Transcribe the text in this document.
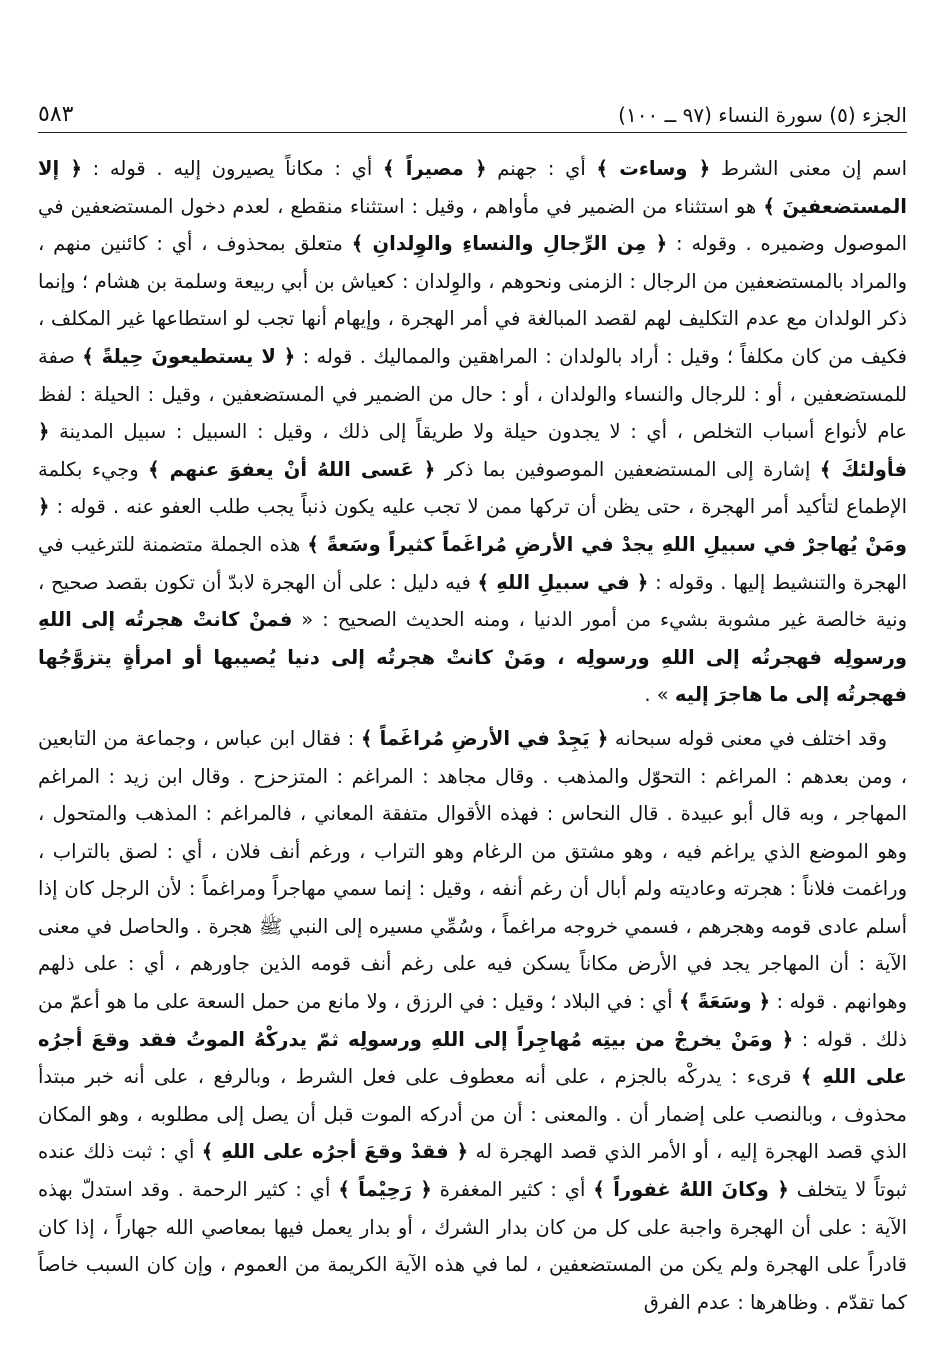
الجزء (٥) سورة النساء (٩٧ ــ ١٠٠)
٥٨٣

اسم إن معنى الشرط ﴿ وساءت ﴾ أي : جهنم ﴿ مصيراً ﴾ أي : مكاناً يصيرون إليه . قوله : ﴿ إلا المستضعفينَ ﴾ هو استثناء من الضمير في مأواهم ، وقيل : استثناء منقطع ، لعدم دخول المستضعفين في الموصول وضميره . وقوله : ﴿ مِن الرِّجالِ والنساءِ والوِلدانِ ﴾ متعلق بمحذوف ، أي : كائنين منهم ، والمراد بالمستضعفين من الرجال : الزمنى ونحوهم ، والوِلدان : كعياش بن أبي ربيعة وسلمة بن هشام ؛ وإنما ذكر الولدان مع عدم التكليف لهم لقصد المبالغة في أمر الهجرة ، وإيهام أنها تجب لو استطاعها غير المكلف ، فكيف من كان مكلفاً ؛ وقيل : أراد بالولدان : المراهقين والمماليك . قوله : ﴿ لا يستطيعونَ حِيلةً ﴾ صفة للمستضعفين ، أو : للرجال والنساء والولدان ، أو : حال من الضمير في المستضعفين ، وقيل : الحيلة : لفظ عام لأنواع أسباب التخلص ، أي : لا يجدون حيلة ولا طريقاً إلى ذلك ، وقيل : السبيل : سبيل المدينة ﴿ فأولئكَ ﴾ إشارة إلى المستضعفين الموصوفين بما ذكر ﴿ عَسى اللهُ أنْ يعفوَ عنهم ﴾ وجيء بكلمة الإطماع لتأكيد أمر الهجرة ، حتى يظن أن تركها ممن لا تجب عليه يكون ذنباً يجب طلب العفو عنه . قوله : ﴿ ومَنْ يُهاجرْ في سبيلِ اللهِ يجدْ في الأرضِ مُراغَماً كثيراً وسَعةً ﴾ هذه الجملة متضمنة للترغيب في الهجرة والتنشيط إليها . وقوله : ﴿ في سبيلِ اللهِ ﴾ فيه دليل : على أن الهجرة لابدّ أن تكون بقصد صحيح ، ونية خالصة غير مشوبة بشيء من أمور الدنيا ، ومنه الحديث الصحيح : « فمنْ كانتْ هجرتُه إلى اللهِ ورسولِه فهجرتُه إلى اللهِ ورسولِه ، ومَنْ كانتْ هجرتُه إلى دنيا يُصيبها أو امرأةٍ يتزوَّجُها فهجرتُه إلى ما هاجرَ إليه » .

وقد اختلف في معنى قوله سبحانه ﴿ يَجِدْ في الأرضِ مُراغَماً ﴾ : فقال ابن عباس ، وجماعة من التابعين ، ومن بعدهم : المراغم : التحوّل والمذهب . وقال مجاهد : المراغم : المتزحزح . وقال ابن زيد : المراغم المهاجر ، وبه قال أبو عبيدة . قال النحاس : فهذه الأقوال متفقة المعاني ، فالمراغم : المذهب والمتحول ، وهو الموضع الذي يراغم فيه ، وهو مشتق من الرغام وهو التراب ، ورغم أنف فلان ، أي : لصق بالتراب ، وراغمت فلاناً : هجرته وعاديته ولم أبال أن رغم أنفه ، وقيل : إنما سمي مهاجراً ومراغماً : لأن الرجل كان إذا أسلم عادى قومه وهجرهم ، فسمي خروجه مراغماً ، وسُمِّي مسيره إلى النبي ﷺ هجرة . والحاصل في معنى الآية : أن المهاجر يجد في الأرض مكاناً يسكن فيه على رغم أنف قومه الذين جاورهم ، أي : على ذلهم وهوانهم . قوله : ﴿ وسَعَةً ﴾ أي : في البلاد ؛ وقيل : في الرزق ، ولا مانع من حمل السعة على ما هو أعمّ من ذلك . قوله : ﴿ ومَنْ يخرجْ من بيتِه مُهاجِراً إلى اللهِ ورسولِه ثمّ يدركْهُ الموتُ فقد وقعَ أجرُه على اللهِ ﴾ قرىء : يدركْه بالجزم ، على أنه معطوف على فعل الشرط ، وبالرفع ، على أنه خبر مبتدأ محذوف ، وبالنصب على إضمار أن . والمعنى : أن من أدركه الموت قبل أن يصل إلى مطلوبه ، وهو المكان الذي قصد الهجرة إليه ، أو الأمر الذي قصد الهجرة له ﴿ فقدْ وقعَ أجرُه على اللهِ ﴾ أي : ثبت ذلك عنده ثبوتاً لا يتخلف ﴿ وكانَ اللهُ غفوراً ﴾ أي : كثير المغفرة ﴿ رَحِيْماً ﴾ أي : كثير الرحمة . وقد استدلّ بهذه الآية : على أن الهجرة واجبة على كل من كان بدار الشرك ، أو بدار يعمل فيها بمعاصي الله جهاراً ، إذا كان قادراً على الهجرة ولم يكن من المستضعفين ، لما في هذه الآية الكريمة من العموم ، وإن كان السبب خاصاً كما تقدّم . وظاهرها : عدم الفرق
